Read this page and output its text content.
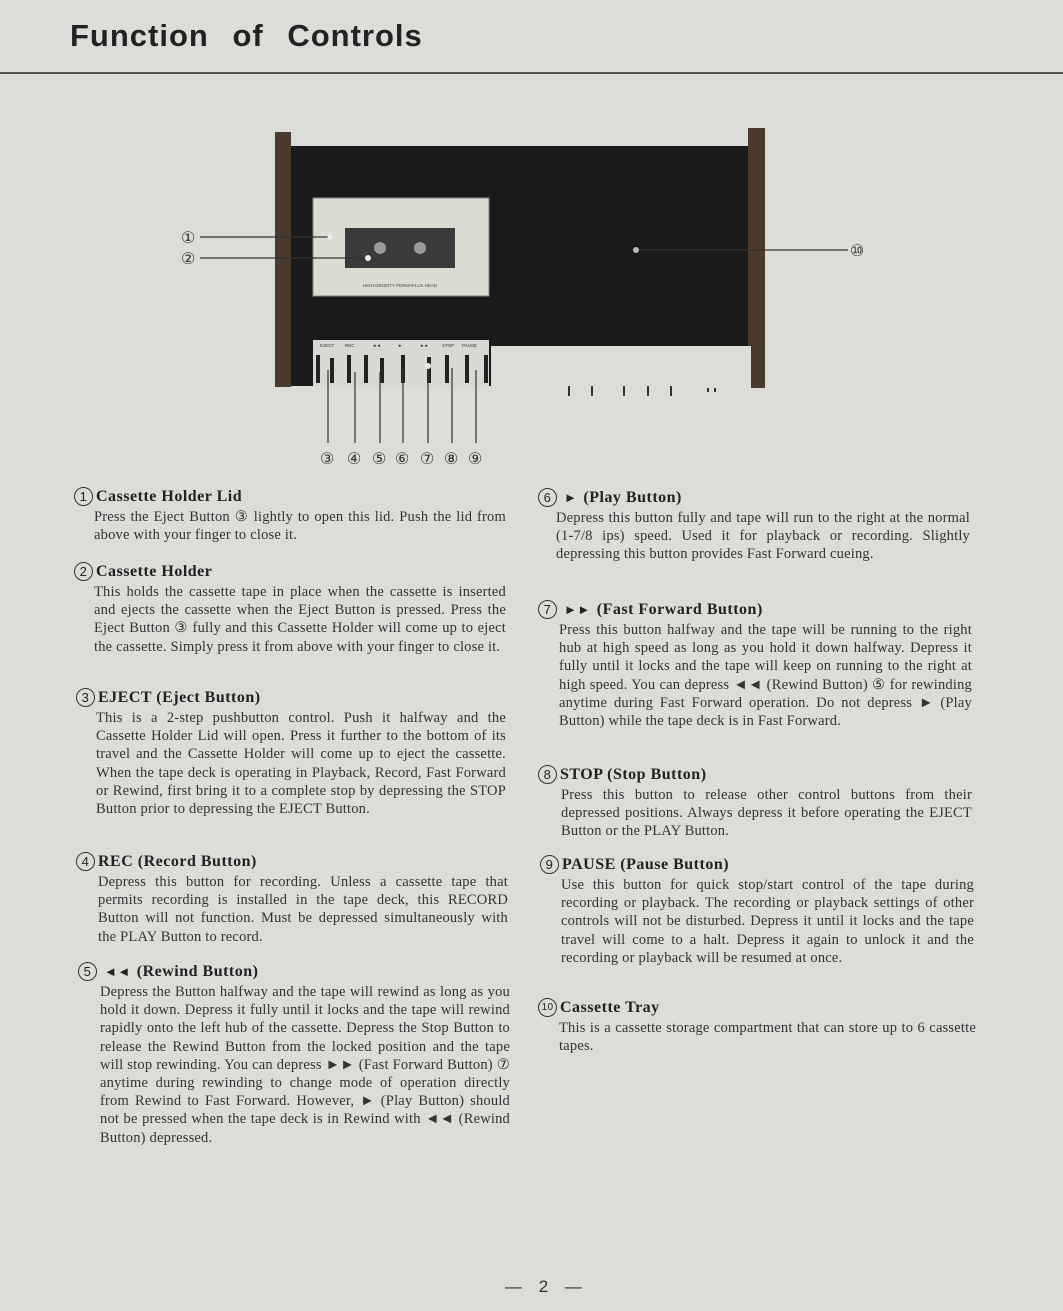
Function of Controls
HIGH DENSITY PERMAFLUX HEAD
EJECT REC	◄◄	►	►►	STOP PAUSE
①
②	⑩
③ ④ ⑤ ⑥ ⑦ ⑧ ⑨
1 Cassette Holder Lid

Press the Eject Button ③ lightly to open this lid. Push the lid from above with your finger to close it.

2 Cassette Holder

This holds the cassette tape in place when the cassette is inserted and ejects the cassette when the Eject Button is pressed. Press the Eject Button ③ fully and this Cassette Holder will come up to eject the cassette. Simply press it from above with your finger to close it.

3 EJECT (Eject Button)

This is a 2-step pushbutton control. Push it halfway and the Cassette Holder Lid will open. Press it further to the bottom of its travel and the Cassette Holder will come up to eject the cassette. When the tape deck is operating in Playback, Record, Fast Forward or Rewind, first bring it to a complete stop by depressing the STOP Button prior to depressing the EJECT Button.

4 REC (Record Button)

Depress this button for recording. Unless a cassette tape that permits recording is installed in the tape deck, this RECORD Button will not function. Must be depressed simultaneously with the PLAY Button to record.

5 ◄◄ (Rewind Button)

Depress the Button halfway and the tape will rewind as long as you hold it down. Depress it fully until it locks and the tape will rewind rapidly onto the left hub of the cassette. Depress the Stop Button to release the Rewind Button from the locked position and the tape will stop rewinding. You can depress ►► (Fast Forward Button) ⑦ anytime during rewinding to change mode of operation directly from Rewind to Fast Forward. However, ► (Play Button) should not be pressed when the tape deck is in Rewind with ◄◄ (Rewind Button) depressed.

6 ► (Play Button)

Depress this button fully and tape will run to the right at the normal (1-7/8 ips) speed. Used it for playback or recording. Slightly depressing this button provides Fast Forward cueing.

7 ►► (Fast Forward Button)

Press this button halfway and the tape will be running to the right hub at high speed as long as you hold it down halfway. Depress it fully until it locks and the tape will keep on running to the right at high speed. You can depress ◄◄ (Rewind Button) ⑤ for rewinding anytime during Fast Forward operation. Do not depress ► (Play Button) while the tape deck is in Fast Forward.

8 STOP (Stop Button)

Press this button to release other control buttons from their depressed positions. Always depress it before operating the EJECT Button or the PLAY Button.

9 PAUSE (Pause Button)

Use this button for quick stop/start control of the tape during recording or playback. The recording or playback settings of other controls will not be disturbed. Depress it until it locks and the tape travel will come to a halt. Depress it again to unlock it and the recording or playback will be resumed at once.

10 Cassette Tray

This is a cassette storage compartment that can store up to 6 cassette tapes.

— 2 —
